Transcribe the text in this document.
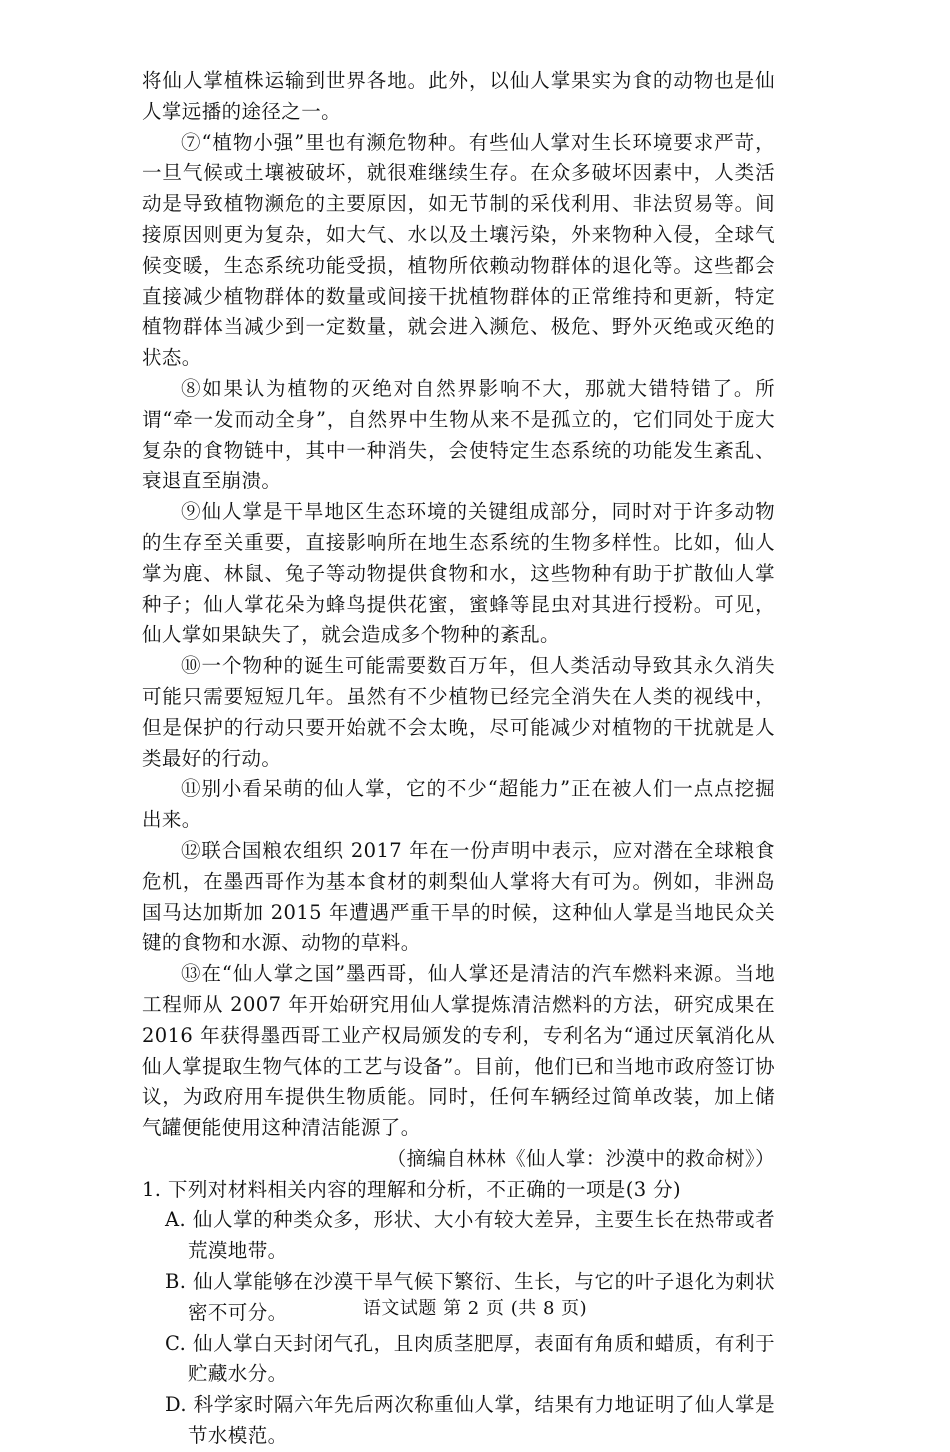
将仙人掌植株运输到世界各地。此外，以仙人掌果实为食的动物也是仙人掌远播的途径之一。

⑦“植物小强”里也有濒危物种。有些仙人掌对生长环境要求严苛，一旦气候或土壤被破坏，就很难继续生存。在众多破坏因素中，人类活动是导致植物濒危的主要原因，如无节制的采伐利用、非法贸易等。间接原因则更为复杂，如大气、水以及土壤污染，外来物种入侵，全球气候变暖，生态系统功能受损，植物所依赖动物群体的退化等。这些都会直接减少植物群体的数量或间接干扰植物群体的正常维持和更新，特定植物群体当减少到一定数量，就会进入濒危、极危、野外灭绝或灭绝的状态。

⑧如果认为植物的灭绝对自然界影响不大，那就大错特错了。所谓“牵一发而动全身”，自然界中生物从来不是孤立的，它们同处于庞大复杂的食物链中，其中一种消失，会使特定生态系统的功能发生紊乱、衰退直至崩溃。

⑨仙人掌是干旱地区生态环境的关键组成部分，同时对于许多动物的生存至关重要，直接影响所在地生态系统的生物多样性。比如，仙人掌为鹿、林鼠、兔子等动物提供食物和水，这些物种有助于扩散仙人掌种子；仙人掌花朵为蜂鸟提供花蜜，蜜蜂等昆虫对其进行授粉。可见，仙人掌如果缺失了，就会造成多个物种的紊乱。

⑩一个物种的诞生可能需要数百万年，但人类活动导致其永久消失可能只需要短短几年。虽然有不少植物已经完全消失在人类的视线中，但是保护的行动只要开始就不会太晚，尽可能减少对植物的干扰就是人类最好的行动。

⑪别小看呆萌的仙人掌，它的不少“超能力”正在被人们一点点挖掘出来。

⑫联合国粮农组织 2017 年在一份声明中表示，应对潜在全球粮食危机，在墨西哥作为基本食材的刺梨仙人掌将大有可为。例如，非洲岛国马达加斯加 2015 年遭遇严重干旱的时候，这种仙人掌是当地民众关键的食物和水源、动物的草料。

⑬在“仙人掌之国”墨西哥，仙人掌还是清洁的汽车燃料来源。当地工程师从 2007 年开始研究用仙人掌提炼清洁燃料的方法，研究成果在 2016 年获得墨西哥工业产权局颁发的专利，专利名为“通过厌氧消化从仙人掌提取生物气体的工艺与设备”。目前，他们已和当地市政府签订协议，为政府用车提供生物质能。同时，任何车辆经过简单改装，加上储气罐便能使用这种清洁能源了。

（摘编自林林《仙人掌：沙漠中的救命树》）

1. 下列对材料相关内容的理解和分析，不正确的一项是(3 分)

A. 仙人掌的种类众多，形状、大小有较大差异，主要生长在热带或者荒漠地带。

B. 仙人掌能够在沙漠干旱气候下繁衍、生长，与它的叶子退化为刺状密不可分。

C. 仙人掌白天封闭气孔，且肉质茎肥厚，表面有角质和蜡质，有利于贮藏水分。

D. 科学家时隔六年先后两次称重仙人掌，结果有力地证明了仙人掌是节水模范。

语文试题 第 2 页 (共 8 页)
